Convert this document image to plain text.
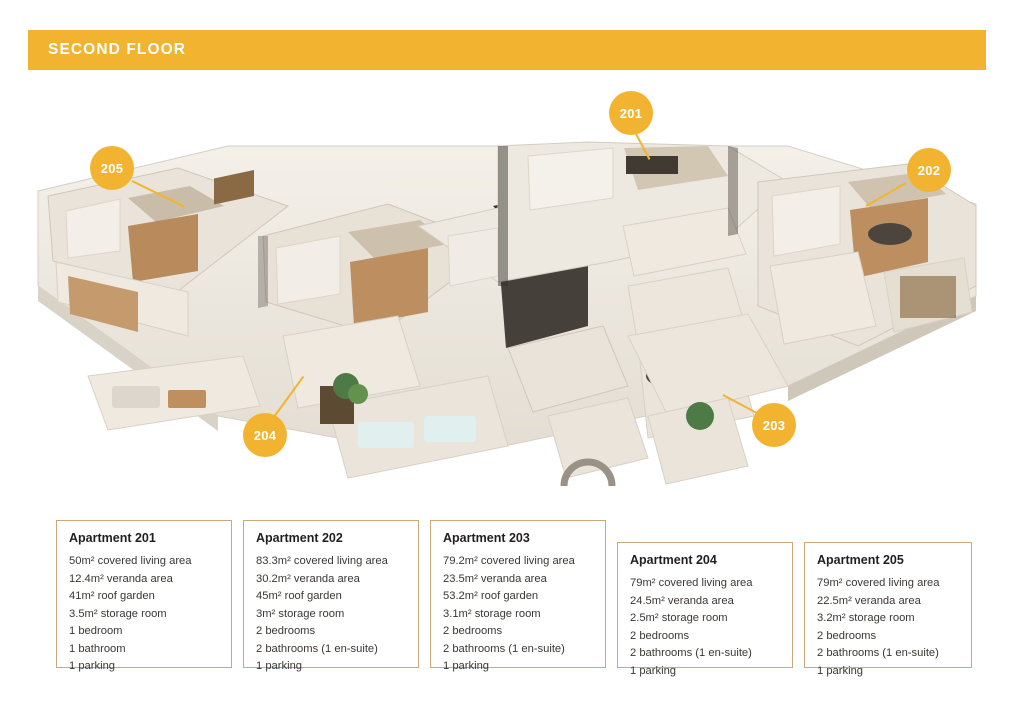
SECOND FLOOR
201
202
203
204
205
Apartment 201
50m² covered living area
12.4m² veranda area
41m² roof garden
3.5m² storage room
1 bedroom
1 bathroom
1 parking
Apartment 202
83.3m² covered living area
30.2m² veranda area
45m² roof garden
3m² storage room
2 bedrooms
2 bathrooms (1 en-suite)
1 parking
Apartment 203
79.2m² covered living area
23.5m² veranda area
53.2m² roof garden
3.1m² storage room
2 bedrooms
2 bathrooms (1 en-suite)
1 parking
Apartment 204
79m² covered living area
24.5m² veranda area
2.5m² storage room
2 bedrooms
2 bathrooms (1 en-suite)
1 parking
Apartment 205
79m² covered living area
22.5m² veranda area
3.2m² storage room
2 bedrooms
2 bathrooms (1 en-suite)
1 parking
